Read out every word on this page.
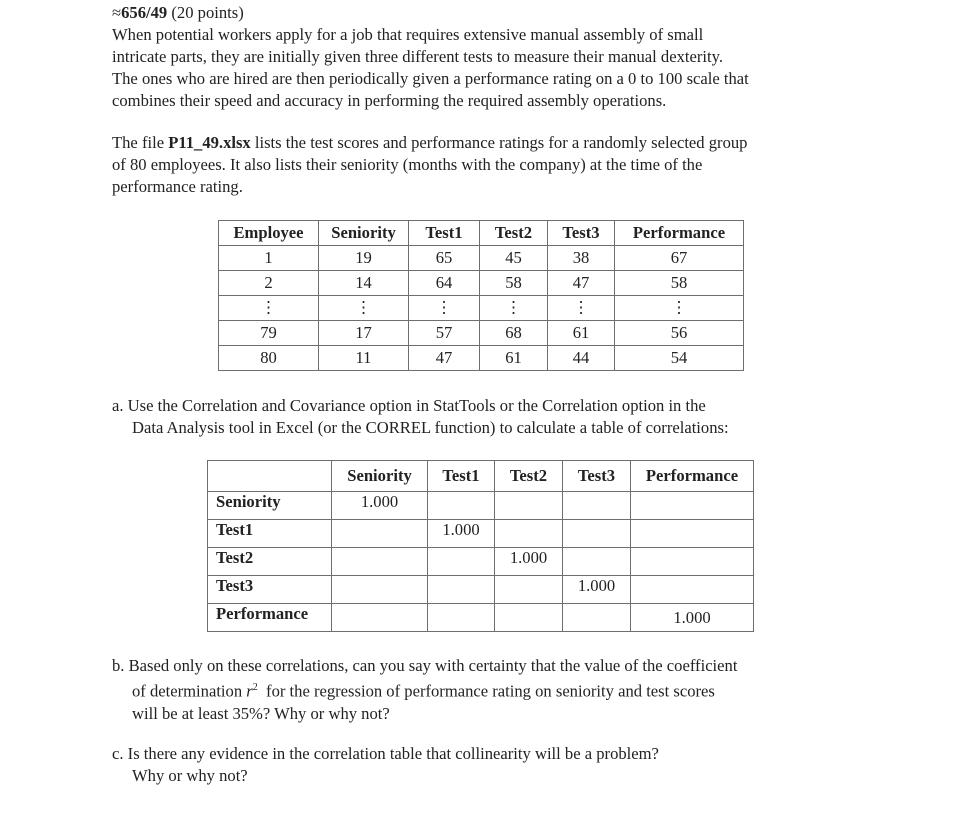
≈656/49 (20 points)
When potential workers apply for a job that requires extensive manual assembly of small
intricate parts, they are initially given three different tests to measure their manual dexterity.
The ones who are hired are then periodically given a performance rating on a 0 to 100 scale that
combines their speed and accuracy in performing the required assembly operations.
The file P11_49.xlsx lists the test scores and performance ratings for a randomly selected group
of 80 employees. It also lists their seniority (months with the company) at the time of the
performance rating.
Employee	Seniority	Test1	Test2	Test3	Performance
1	19	65	45	38	67
2	14	64	58	47	58
⋮	⋮	⋮	⋮	⋮	⋮
79	17	57	68	61	56
80	11	47	61	44	54
a. Use the Correlation and Covariance option in StatTools or the Correlation option in the
Data Analysis tool in Excel (or the CORREL function) to calculate a table of correlations:
	Seniority	Test1	Test2	Test3	Performance
Seniority	1.000				
Test1		1.000			
Test2			1.000		
Test3				1.000	
Performance					1.000
b. Based only on these correlations, can you say with certainty that the value of the coefficient
of determination $r^2$  for the regression of performance rating on seniority and test scores
will be at least 35%? Why or why not?
c. Is there any evidence in the correlation table that collinearity will be a problem?
Why or why not?
